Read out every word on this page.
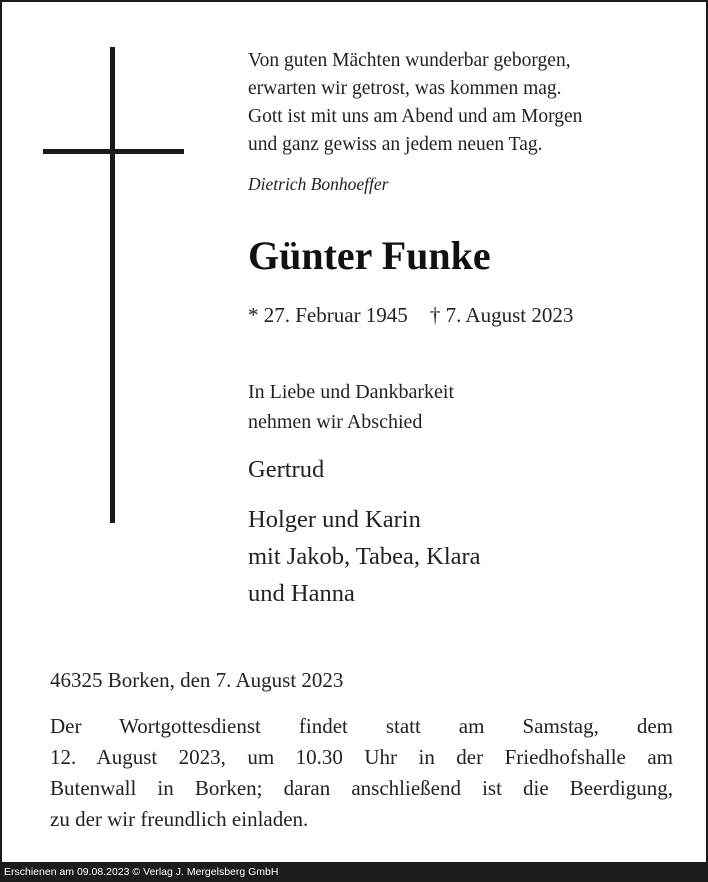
Von guten Mächten wunderbar geborgen,
erwarten wir getrost, was kommen mag.
Gott ist mit uns am Abend und am Morgen
und ganz gewiss an jedem neuen Tag.
Dietrich Bonhoeffer
Günter Funke
* 27. Februar 1945 † 7. August 2023
In Liebe und Dankbarkeit
nehmen wir Abschied
Gertrud
Holger und Karin
mit Jakob, Tabea, Klara
und Hanna
46325 Borken, den 7. August 2023
Der Wortgottesdienst findet statt am Samstag, dem
12. August 2023, um 10.30 Uhr in der Friedhofshalle am
Butenwall in Borken; daran anschließend ist die Beerdigung,
zu der wir freundlich einladen.
Erschienen am 09.08.2023 © Verlag J. Mergelsberg GmbH
